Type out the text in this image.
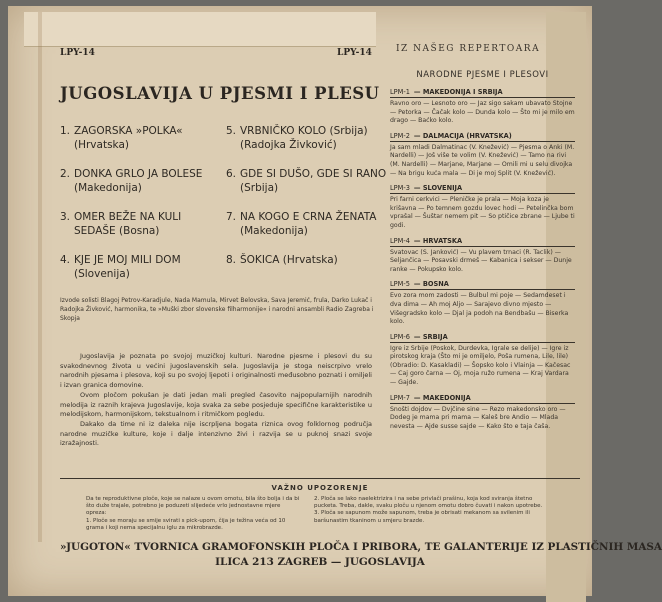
LPY-14	LPY-14	IZ NAŠEG REPERTOARA
JUGOSLAVIJA U PJESMI I PLESU
1. ZAGORSKA »POLKA«
(Hrvatska)
2. DONKA GRLO JA BOLESE
(Makedonija)
3. OMER BEŽE NA KULI
SEDAŠE (Bosna)
4. KJE JE MOJ MILI DOM
(Slovenija)
5. VRBNIČKO KOLO (Srbija)
(Radojka Živković)
6. GDE SI DUŠO, GDE SI RANO
(Srbija)
7. NA KOGO E CRNA ŽENATA
(Makedonija)
8. ŠOKICA (Hrvatska)
Izvode solisti Blagoj Petrov-Karadjule, Nada Mamula, Mirvet Belovska, Sava Jeremić, frula, Darko Lukač i Radojka Živković, harmonika, te »Muški zbor slovenske filharmonije« i narodni ansambli Radio Zagreba i Skopja

Jugoslavija je poznata po svojoj muzičkoj kulturi. Narodne pjesme i plesovi du su svakodnevnog života u većini jugoslavenskih sela. Jugoslavija je stoga neiscrpivo vrelo narodnih pjesama i plesova, koji su po svojoj ljepoti i originalnosti međusobno poznati i omiljeli i izvan granica domovine.

Ovom pločom pokušan je dati jedan mali pregled časovito najpopularnijih narodnih melodija iz raznih krajeva Jugoslavije, koja svaka za sebe posjeduje specifične karakteristike u melodijskom, harmonijskom, tekstualnom i ritmičkom pogledu.

Dakako da time ni iz daleka nije iscrpljena bogata riznica ovog folklornog područja narodne muzičke kulture, koje i dalje intenzivno živi i razvija se u puknoj snazi svoje izražajnosti.

NARODNE PJESME I PLESOVI
LPM-1 — MAKEDONIJA I SRBIJA
Ravno oro — Lesnoto oro — Jaz sigo sakam ubavato Stojne — Petorka — Čačak kolo — Dunda kolo — Što mi je milo em drago — Baćko kolo.
LPM-2 — DALMACIJA (HRVATSKA)
Ja sam mladi Dalmatinac (V. Knežević) — Pjesma o Anki (M. Nardelli) — Još više te volim (V. Knežević) — Tamo na rivi (M. Nardelli) — Marjane, Marjane — Omili mi u selu divojka — Na brigu kuća mala — Di je moj Split (V. Knežević).
LPM-3 — SLOVENIJA
Pri farni cerkvici — Pleničke je prala — Moja koza je krišavna — Po temnem gozdu lovec hodi — Petelinčka bom vprašal — Šuštar nemem pit — So ptičice zbrane — Ljube ti godi.
LPM-4 — HRVATSKA
Svatovac (S. Janković) — Vu plavem trnaci (R. Taclik) — Seljančica — Posavski drmeš — Kabanica i sekser — Dunje ranke — Pokupsko kolo.
LPM-5 — BOSNA
Evo zora mom zadosti — Bulbul mi poje — Sedamdeset i dva dima — Ah moj Aljo — Sarajevo divno mjesto — Višegradsko kolo — Djal ja podoh na Bendbašu — Biserka kolo.
LPM-6 — SRBIJA
Igre iz Srbije (Poskok, Durdevka, Igrale se delije) — Igre iz pirotskog kraja (Što mi je omiljelo, Poša rumena, Lile, lile) (Obradio: D. Kasakladi) — Šopsko kolo i Vlainja — Kačesac — Caj goro čarna — Oj, moja ružo rumena — Kraj Vardara — Gajde.
LPM-7 — MAKEDONIJA
Snošti dojdov — Dvjčine sine — Rezo makedonsko oro — Dodeg je mama pri mama — Kaleš bre Andio — Mlada nevesta — Ajde susse sajde — Kako što e taja čaša.
VAŽNO UPOZORENJE
Da te reproduktivne ploče, koje se nalaze u ovom omotu, bila što bolja i da bi što duže trajale, potrebno je poduzeti slijedeće vrlo jednostavne mjere opreza:
1. Ploče se moraju se smije svirati s pick-upom, čija je težina veća od 10 grama i koji nema specijalnu iglu za mikrobrazde.
2. Ploča se lako naelektrizira i na sebe privlači prašinu, koja kod sviranja štetno pucketa. Treba, dakle, svaku ploču u njenom omotu dobro čuvati i nakon upotrebe.
3. Ploča se sapunom može sapunom, treba je obrisati mekanom sa svilenim ili baršunastim tkaninom u smjeru brazde.
»JUGOTON« TVORNICA GRAMOFONSKIH PLOČA I PRIBORA, TE GALANTERIJE IZ PLASTIČNIH MASA
ILICA 213 ZAGREB — JUGOSLAVIJA
